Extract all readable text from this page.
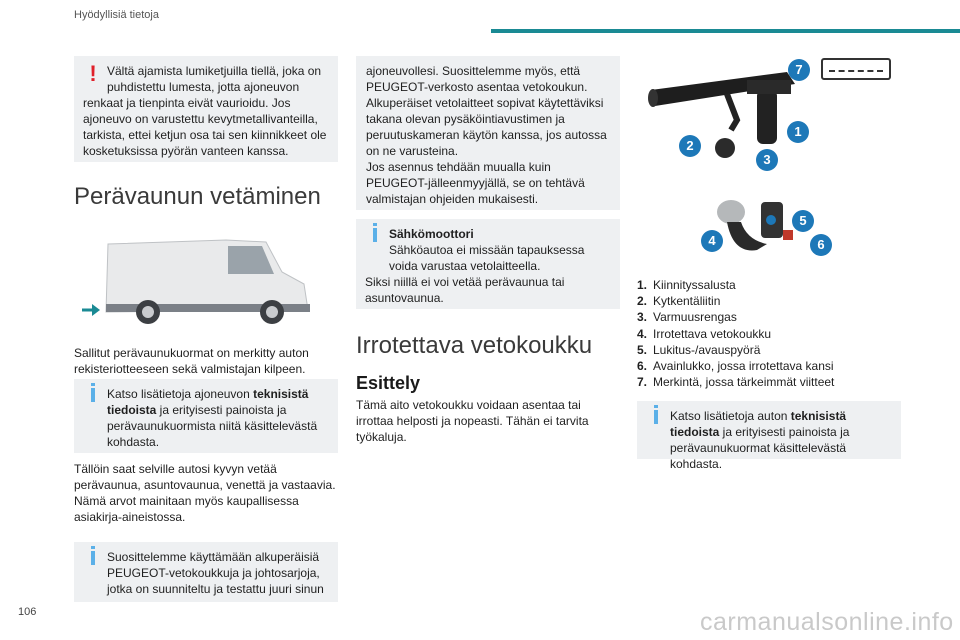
Hyödyllisiä tietoja
! Vältä ajamista lumiketjuilla tiellä, joka on puhdistettu lumesta, jotta ajoneuvon
renkaat ja tienpinta eivät vaurioidu. Jos ajoneuvo on varustettu kevytmetallivanteilla, tarkista, ettei ketjun osa tai sen kiinnikkeet ole kosketuksissa pyörän vanteen kanssa.
Perävaunun vetäminen
Sallitut perävaunukuormat on merkitty auton rekisteriotteeseen sekä valmistajan kilpeen.
Katso lisätietoja ajoneuvon teknisistä tiedoista ja erityisesti painoista ja perävaunukuormista niitä käsittelevästä kohdasta.
Tällöin saat selville autosi kyvyn vetää perävaunua, asuntovaunua, venettä ja vastaavia.
Nämä arvot mainitaan myös kaupallisessa asiakirja-aineistossa.
Suosittelemme käyttämään alkuperäisiä PEUGEOT-vetokoukkuja ja johtosarjoja, jotka on suunniteltu ja testattu juuri sinun
ajoneuvollesi. Suosittelemme myös, että PEUGEOT-verkosto asentaa vetokoukun. Alkuperäiset vetolaitteet sopivat käytettäviksi takana olevan pysäköintiavustimen ja peruutuskameran käytön kanssa, jos autossa on ne varusteina.
Jos asennus tehdään muualla kuin PEUGEOT-jälleenmyyjällä, se on tehtävä valmistajan ohjeiden mukaisesti.
Sähkömoottori
Sähköautoa ei missään tapauksessa voida varustaa vetolaitteella.
Siksi niillä ei voi vetää perävaunua tai asuntovaunua.
Irrotettava vetokoukku
Esittely
Tämä aito vetokoukku voidaan asentaa tai irrottaa helposti ja nopeasti. Tähän ei tarvita työkaluja.
7
1
2
3
5
4	6
1. Kiinnityssalusta
2. Kytkentäliitin
3. Varmuusrengas
4. Irrotettava vetokoukku
5. Lukitus-/avauspyörä
6. Avainlukko, jossa irrotettava kansi
7. Merkintä, jossa tärkeimmät viitteet
Katso lisätietoja auton teknisistä tiedoista ja erityisesti painoista ja perävaunukuormat käsittelevästä kohdasta.
106	carmanualsonline.info
